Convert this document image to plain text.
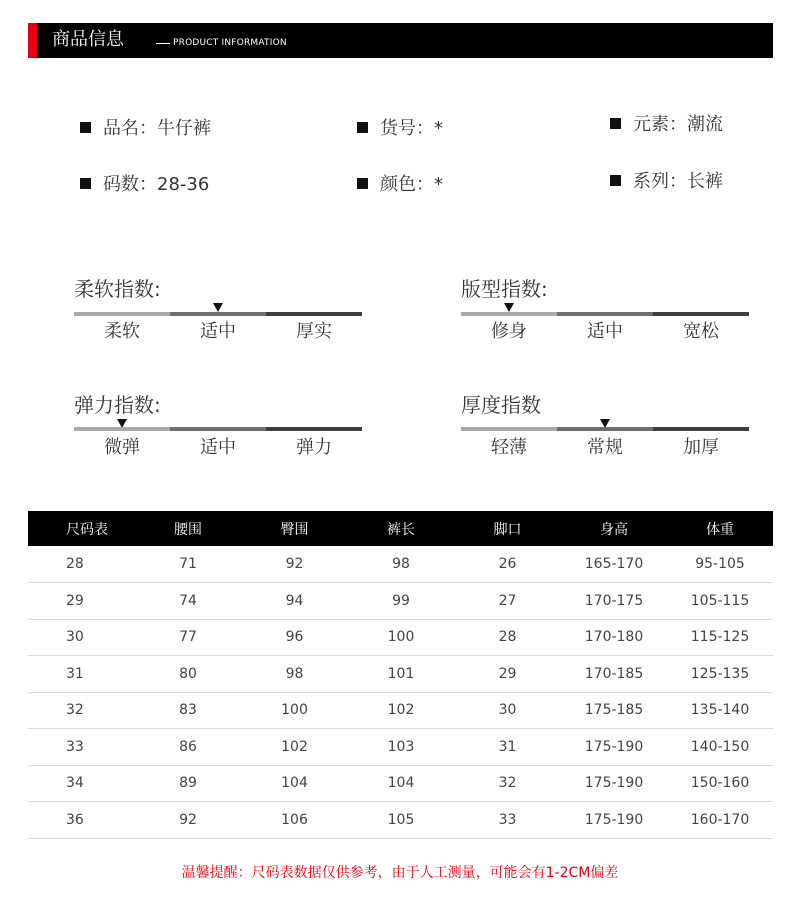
商品信息	PRODUCT INFORMATION
品名：牛仔裤	货号：*	元素：潮流
码数：28-36	颜色：*	系列：长裤
柔软指数:
柔软	适中	厚实
版型指数:
修身	适中	宽松
弹力指数:
微弹	适中	弹力
厚度指数
轻薄	常规	加厚
尺码表	腰围	臀围	裤长	脚口	身高	体重
28	71	92	98	26	165-170	95-105
29	74	94	99	27	170-175	105-115
30	77	96	100	28	170-180	115-125
31	80	98	101	29	170-185	125-135
32	83	100	102	30	175-185	135-140
33	86	102	103	31	175-190	140-150
34	89	104	104	32	175-190	150-160
36	92	106	105	33	175-190	160-170
温馨提醒：尺码表数据仅供参考，由于人工测量，可能会有1-2CM偏差
